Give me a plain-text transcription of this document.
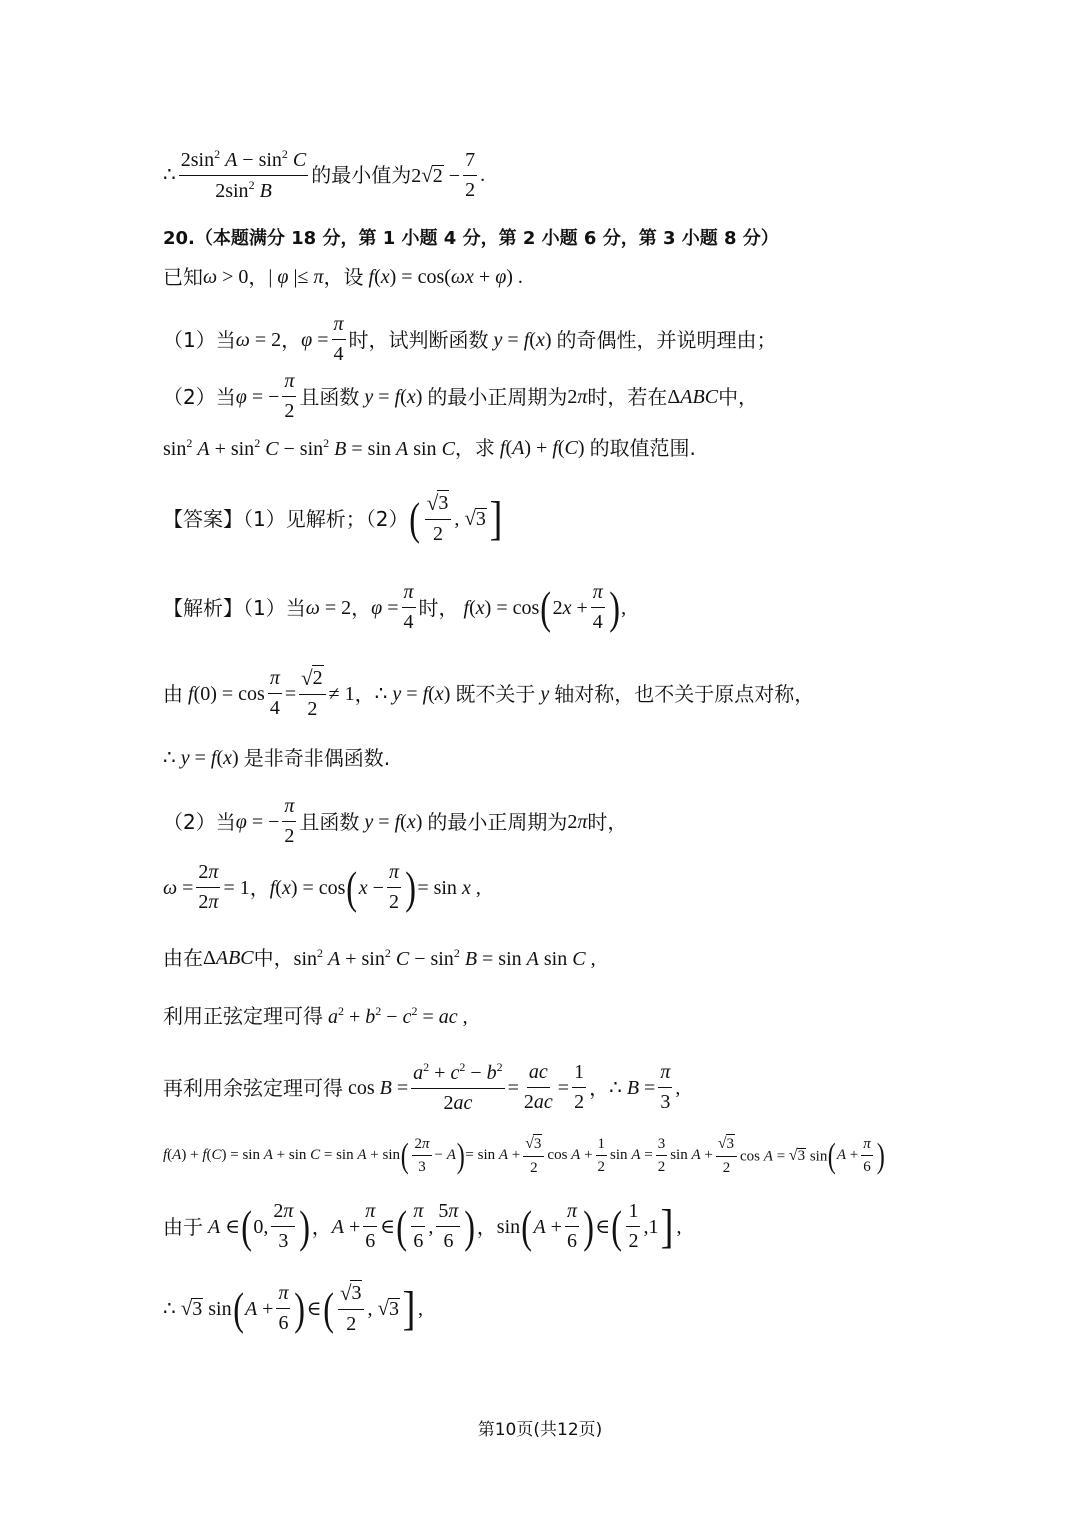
∴ $\frac{2\sin^2 A - \sin^2 C}{2\sin^2 B}$ 的最小值为 2 √ $2 - \frac{7}{2}$ .
20.（本题满分 18 分，第 1 小题 4 分，第 2 小题 6 分，第 3 小题 8 分）
已知 ω > 0 ， | φ |≤ π ，设 f(x) = cos(ωx + φ) .
（1）当 ω = 2 ， $\varphi = \frac{\pi}{4}$ 时，试判断函数 y = f(x) 的奇偶性，并说明理由；
（2）当 φ = − $\frac{\pi}{2}$ 且函数 y = f(x) 的最小正周期为 2π 时，若在 ΔABC 中，
$\sin^2 A + \sin^2 C - \sin^2 B = \sin A$ sin C ，求 f(A) + f(C) 的取值范围.
【答案】（1）见解析；（2） ( $\frac{√ 3}{2}$ , √ 3 ]
【解析】（1）当 ω = 2 ， $\varphi = \frac{\pi}{4}$ 时， f(x) = cos ( $2x + \frac{\pi}{4}$ ) ,
由 $f(0) = \cos \frac{\pi}{4} = \frac{√ 2}{2} \ne 1$ ， ∴ y = f(x) 既不关于 y 轴对称，也不关于原点对称，
∴ y = f(x) 是非奇非偶函数.
（2）当 φ = − $\frac{\pi}{2}$ 且函数 y = f(x) 的最小正周期为 2π 时，
$\omega = \frac{2\pi}{2\pi} = 1$ ， f(x) = cos ( $x - \frac{\pi}{2}$ ) = sin x ,
由在 ΔABC 中， $\sin^2 A + \sin^2 C - \sin^2 B = \sin A$ sin C ,
利用正弦定理可得 $a^2 + b^2 - c^2$ = ac ,
再利用余弦定理可得 $\cos B = \frac{a^2 + c^2 - b^2}{2ac} = \frac{ac}{2ac} = \frac{1}{2}$ ， ∴ $B = \frac{\pi}{3}$ ,
f(A) + f(C) = sin A + sin C = sin A + sin ( $\frac{2\pi}{3} - A$ ) = $\sin A + \frac{√ 3}{2}$ $\cos A + \frac{1}{2}$ $\sin A = \frac{3}{2}$ $\sin A + \frac{√ 3}{2}$ cos A = √ 3 sin ( $A + \frac{\pi}{6}$ )
由于 A ∈ ( 0, $\frac{2\pi}{3}$ ) ， $A + \frac{\pi}{6}$ ∈ ( $\frac{\pi}{6}$ , $\frac{5\pi}{6}$ ) ， sin ( $A + \frac{\pi}{6}$ ) ∈ ( $\frac{1}{2} ,1$ ] ,
∴ √ 3 sin ( $A + \frac{\pi}{6}$ ) ∈ ( $\frac{√ 3}{2}$ , √ 3 ] ,
第10页(共12页)
